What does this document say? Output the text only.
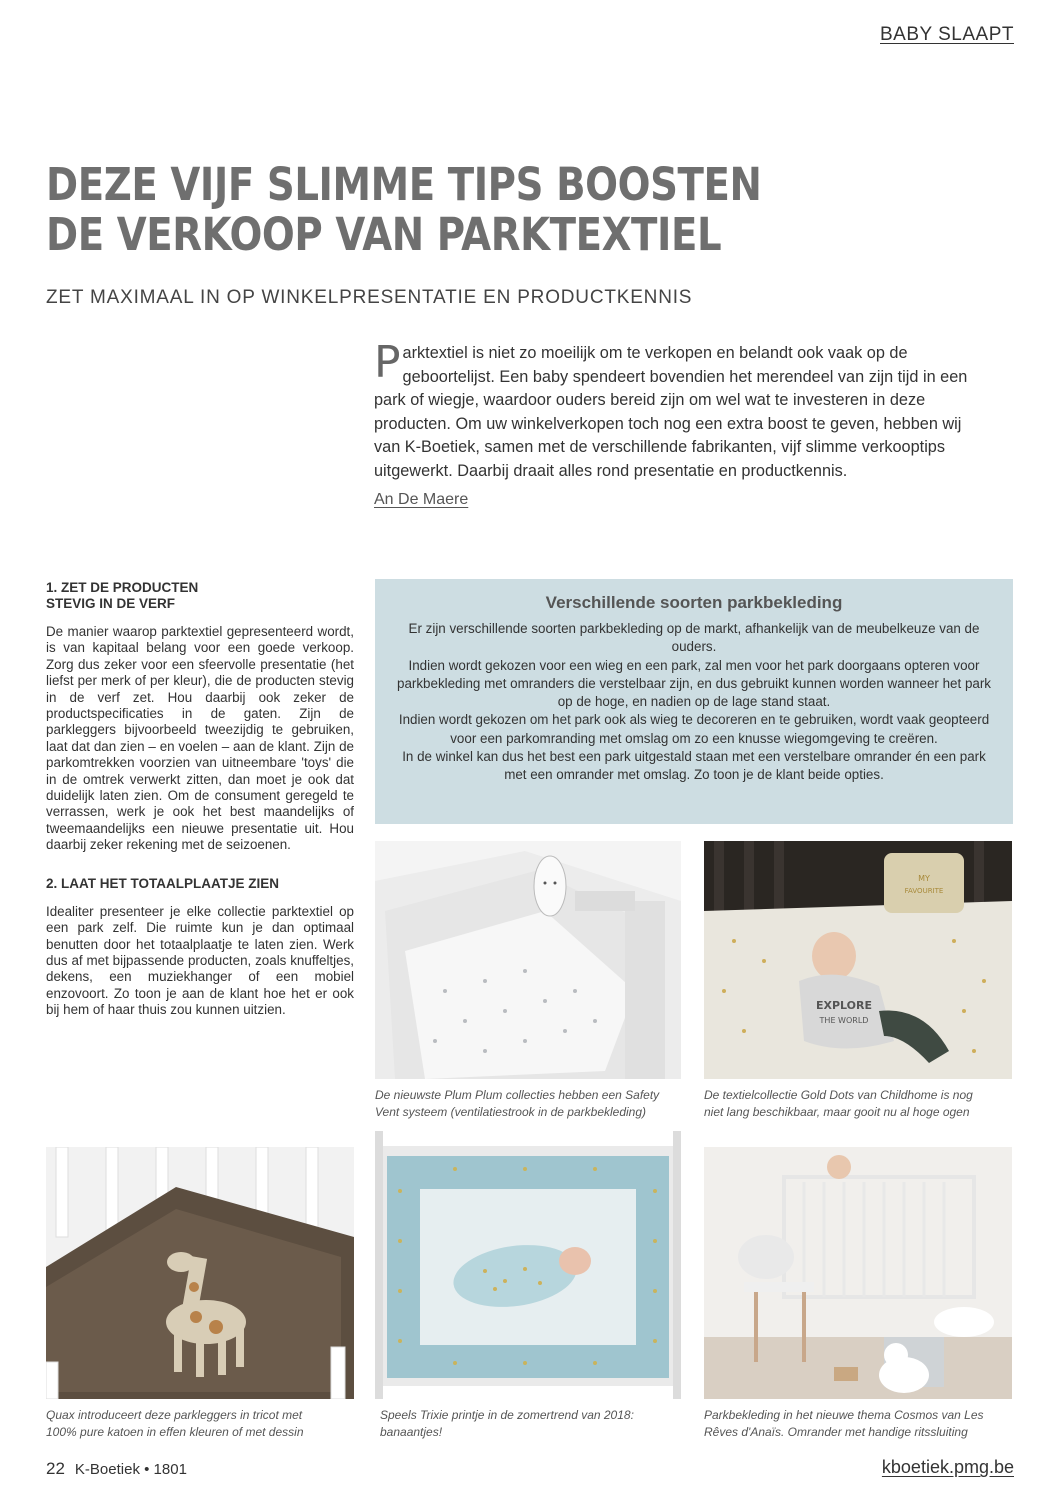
BABY SLAAPT
DEZE VIJF SLIMME TIPS BOOSTEN
DE VERKOOP VAN PARKTEXTIEL
ZET MAXIMAAL IN OP WINKELPRESENTATIE EN PRODUCTKENNIS
Parktextiel is niet zo moeilijk om te verkopen en belandt ook vaak op de geboortelijst. Een baby spendeert bovendien het merendeel van zijn tijd in een park of wiegje, waardoor ouders bereid zijn om wel wat te investeren in deze producten. Om uw winkelverkopen toch nog een extra boost te geven, hebben wij van K-Boetiek, samen met de verschillende fabrikanten, vijf slimme verkooptips uitgewerkt. Daarbij draait alles rond presentatie en productkennis.
An De Maere
1. ZET DE PRODUCTEN
STEVIG IN DE VERF

De manier waarop parktextiel gepresenteerd wordt, is van kapitaal belang voor een goede verkoop. Zorg dus zeker voor een sfeervolle presentatie (het liefst per merk of per kleur), die de producten stevig in de verf zet. Hou daarbij ook zeker de productspecificaties in de gaten. Zijn de parkleggers bijvoorbeeld tweezijdig te gebruiken, laat dat dan zien – en voelen – aan de klant. Zijn de parkomtrekken voorzien van uitneembare 'toys' die in de omtrek verwerkt zitten, dan moet je ook dat duidelijk laten zien. Om de consument geregeld te verrassen, werk je ook het best maandelijks of tweemaandelijks een nieuwe presentatie uit. Hou daarbij zeker rekening met de seizoenen.

2. LAAT HET TOTAALPLAATJE ZIEN

Idealiter presenteer je elke collectie parktextiel op een park zelf. Die ruimte kun je dan optimaal benutten door het totaalplaatje te laten zien. Werk dus af met bijpassende producten, zoals knuffeltjes, dekens, een muziekhanger of een mobiel enzovoort. Zo toon je aan de klant hoe het er ook bij hem of haar thuis zou kunnen uitzien.

Verschillende soorten parkbekleding

Er zijn verschillende soorten parkbekleding op de markt, afhankelijk van de meubelkeuze van de ouders.

Indien wordt gekozen voor een wieg en een park, zal men voor het park doorgaans opteren voor parkbekleding met omranders die verstelbaar zijn, en dus gebruikt kunnen worden wanneer het park op de hoge, en nadien op de lage stand staat.

Indien wordt gekozen om het park ook als wieg te decoreren en te gebruiken, wordt vaak geopteerd voor een parkomranding met omslag om zo een knusse wiegomgeving te creëren.

In de winkel kan dus het best een park uitgestald staan met een verstelbare omrander én een park met een omrander met omslag. Zo toon je de klant beide opties.

De nieuwste Plum Plum collecties hebben een Safety
Vent systeem (ventilatiestrook in de parkbekleding)
MY
FAVOURITE
EXPLORE
THE WORLD
De textielcollectie Gold Dots van Childhome is nog
niet lang beschikbaar, maar gooit nu al hoge ogen
Quax introduceert deze parkleggers in tricot met
100% pure katoen in effen kleuren of met dessin
Speels Trixie printje in de zomertrend van 2018:
banaantjes!
Parkbekleding in het nieuwe thema Cosmos van Les
Rêves d'Anaïs. Omrander met handige ritssluiting
22 K-Boetiek • 1801	kboetiek.pmg.be
